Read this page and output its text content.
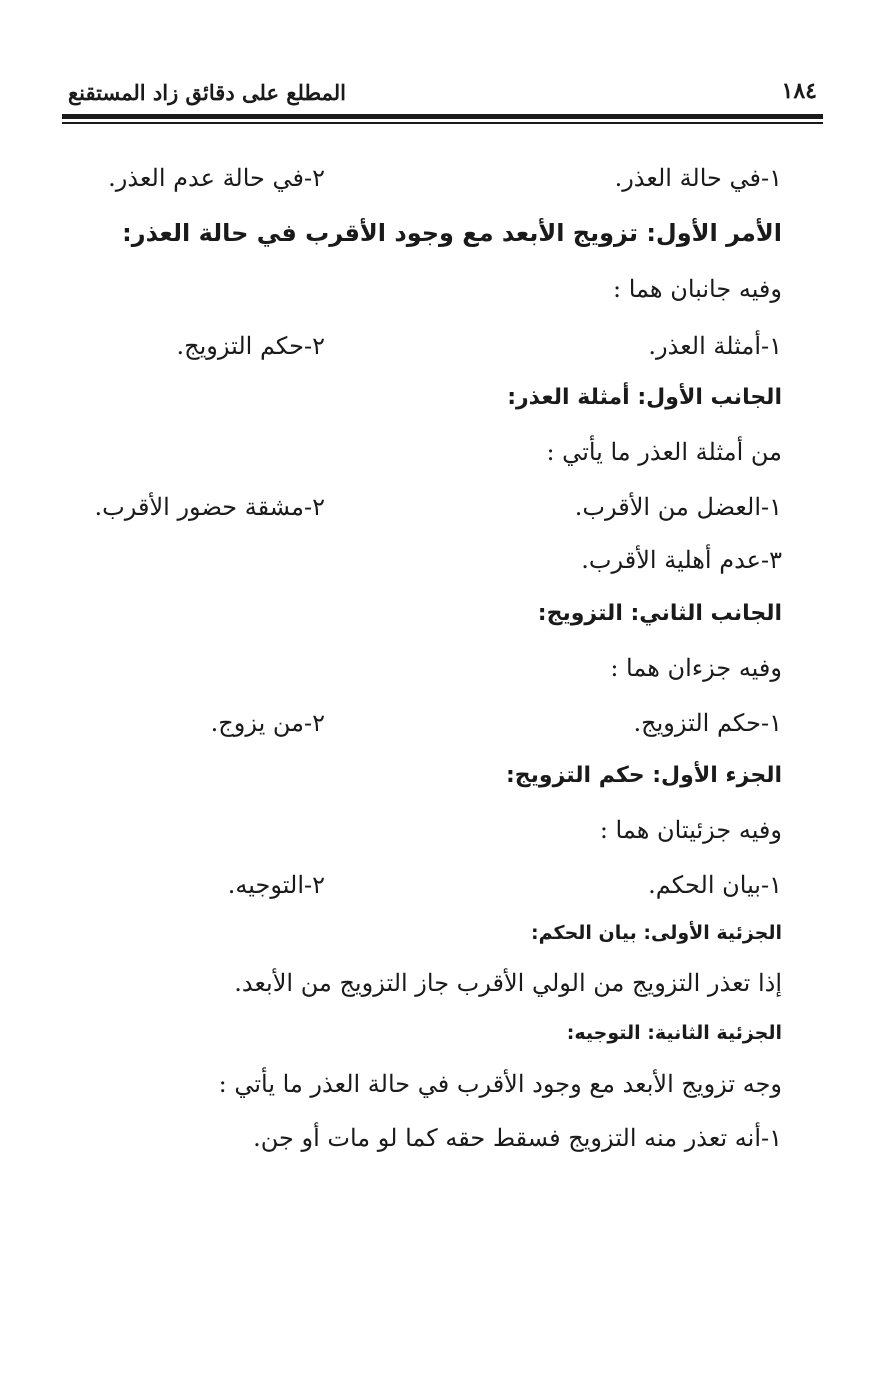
١٨٤
المطلع على دقائق زاد المستقنع
١-في حالة العذر.
٢-في حالة عدم العذر.
الأمر الأول: تزويج الأبعد مع وجود الأقرب في حالة العذر:
وفيه جانبان هما :
١-أمثلة العذر.
٢-حكم التزويج.
الجانب الأول: أمثلة العذر:
من أمثلة العذر ما يأتي :
١-العضل من الأقرب.
٢-مشقة حضور الأقرب.
٣-عدم أهلية الأقرب.
الجانب الثاني: التزويج:
وفيه جزءان هما :
١-حكم التزويج.
٢-من يزوج.
الجزء الأول: حكم التزويج:
وفيه جزئيتان هما :
١-بيان الحكم.
٢-التوجيه.
الجزئية الأولى: بيان الحكم:
إذا تعذر التزويج من الولي الأقرب جاز التزويج من الأبعد.
الجزئية الثانية: التوجيه:
وجه تزويج الأبعد مع وجود الأقرب في حالة العذر ما يأتي :
١-أنه تعذر منه التزويج فسقط حقه كما لو مات أو جن.
